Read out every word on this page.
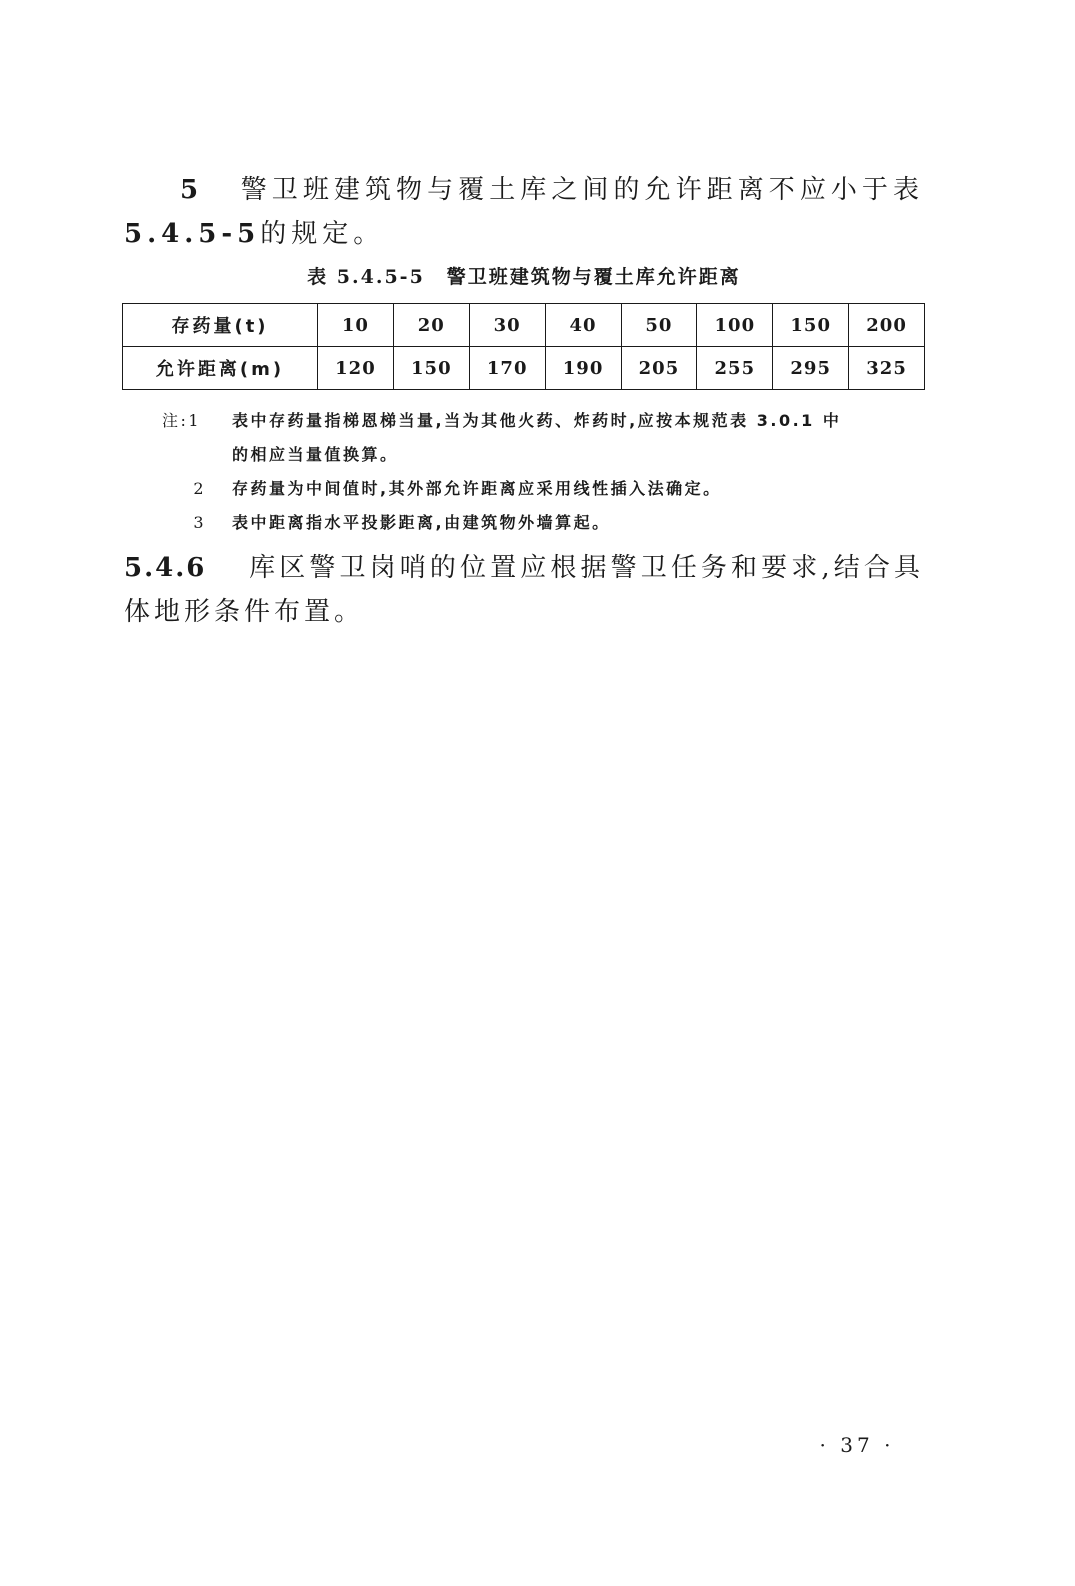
5 警卫班建筑物与覆土库之间的允许距离不应小于表5.4.5-5的规定。
表 5.4.5-5 警卫班建筑物与覆土库允许距离
存药量(t)	10	20	30	40	50	100	150	200
允许距离(m)	120	150	170	190	205	255	295	325
注:1	表中存药量指梯恩梯当量,当为其他火药、炸药时,应按本规范表 3.0.1 中
的相应当量值换算。
2	存药量为中间值时,其外部允许距离应采用线性插入法确定。
3	表中距离指水平投影距离,由建筑物外墙算起。
5.4.6 库区警卫岗哨的位置应根据警卫任务和要求,结合具体地形条件布置。
· 37 ·
